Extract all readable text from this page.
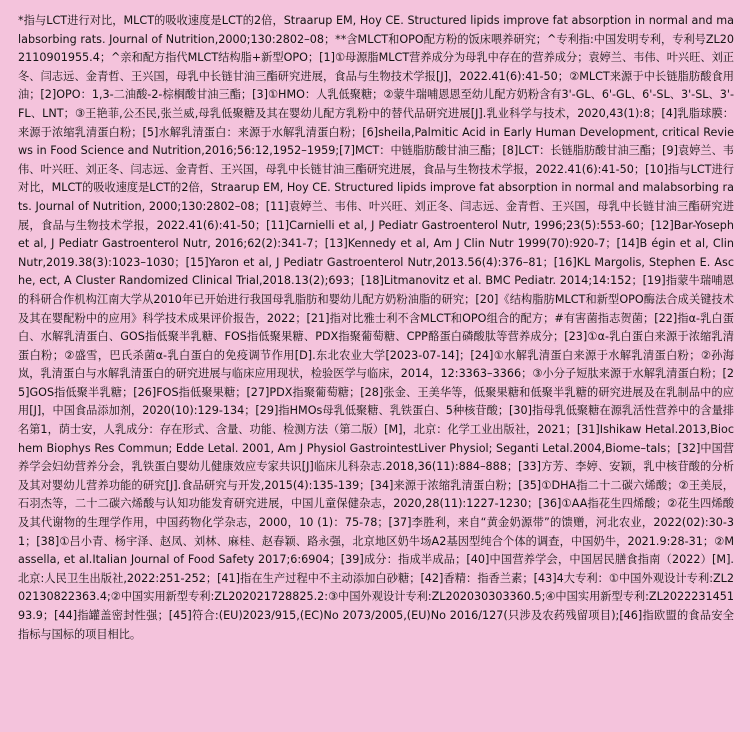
*指与LCT进行对比，MLCT的吸收速度是LCT的2倍，Straarup EM, Hoy CE. Structured lipids improve fat absorption in normal and malabsorbing rats. Journal of Nutrition,2000;130:2802–08；**含MLCT和OPO配方粉的饭床喂养研究；^专利指:中国发明专利，专利号ZL202110901955.4；^亲和配方指代MLCT结构脂+新型OPO；[1]①母源脂MLCT营养成分为母乳中存在的营养成分；袁婷兰、韦伟、叶兴旺、刘正冬、闫志远、金青哲、王兴国，母乳中长链甘油三酯研究进展，食品与生物技术学报[J]，2022.41(6):41-50；②MLCT来源于中长链脂肪酸食用油；[2]OPO：1,3-二油酸-2-棕榈酸甘油三酯；[3]①HMO：人乳低聚糖；②蒙牛瑞哺恩恩至幼儿配方奶粉含有3'-GL、6'-GL、6'-SL、3'-SL、3'-FL、LNT；③王艳菲,公丕民,张兰威,母乳低聚糖及其在婴幼儿配方乳粉中的替代品研究进展[J].乳业科学与技术，2020,43(1):8；[4]乳脂球膜：来源于浓缩乳清蛋白粉；[5]水解乳清蛋白：来源于水解乳清蛋白粉；[6]sheila,Palmitic Acid in Early Human Development, critical Reviews in Food Science and Nutrition,2016;56:12,1952–1959;[7]MCT：中链脂肪酸甘油三酯；[8]LCT：长链脂肪酸甘油三酯；[9]袁婷兰、韦伟、叶兴旺、刘正冬、闫志远、金青哲、王兴国，母乳中长链甘油三酯研究进展，食品与生物技术学报，2022.41(6):41-50；[10]指与LCT进行对比，MLCT的吸收速度是LCT的2倍，Straarup EM, Hoy CE. Structured lipids improve fat absorption in normal and malabsorbing rats. Journal of Nutrition, 2000;130:2802–08；[11]袁婷兰、韦伟、叶兴旺、刘正冬、闫志远、金青哲、王兴国，母乳中长链甘油三酯研究进展，食品与生物技术学报，2022.41(6):41-50；[11]Carnielli et al, J Pediatr Gastroenterol Nutr, 1996;23(5):553-60；[12]Bar-Yoseph et al, J Pediatr Gastroenterol Nutr, 2016;62(2):341-7；[13]Kennedy et al, Am J Clin Nutr 1999(70):920-7；[14]B égin et al, Clin Nutr,2019.38(3):1023–1030；[15]Yaron et al, J Pediatr Gastroenterol Nutr,2013.56(4):376–81；[16]KL Margolis, Stephen E. Asche, ect, A Cluster Randomized Clinical Trial,2018.13(2);693；[18]Litmanovitz et al. BMC Pediatr. 2014;14:152；[19]指蒙牛瑞哺恩的科研合作机构江南大学从2010年已开始进行我国母乳脂肪和婴幼儿配方奶粉油脂的研究；[20]《结构脂肪MLCT和新型OPO酶法合成关键技术及其在婴配粉中的应用》科学技术成果评价报告，2022；[21]指对比雅士利不含MLCT和OPO组合的配方；#有害菌指志贺菌；[22]指α-乳白蛋白、水解乳清蛋白、GOS指低聚半乳糖、FOS指低聚果糖、PDX指聚葡萄糖、CPP酪蛋白磷酸肽等营养成分；[23]①α-乳白蛋白来源于浓缩乳清蛋白粉；②盛雪，巴氏杀菌α-乳白蛋白的免疫调节作用[D].东北农业大学[2023-07-14]；[24]①水解乳清蛋白来源于水解乳清蛋白粉；②孙海岚，乳清蛋白与水解乳清蛋白的研究进展与临床应用现状，检验医学与临床，2014，12:3363–3366；③小分子短肽来源于水解乳清蛋白粉；[25]GOS指低聚半乳糖；[26]FOS指低聚果糖；[27]PDX指聚葡萄糖；[28]张金、王美华等，低聚果糖和低聚半乳糖的研究进展及在乳制品中的应用[J]，中国食品添加剂，2020(10):129-134；[29]指HMOs母乳低聚糖、乳铁蛋白、5种核苷酸；[30]指母乳低聚糖在源乳活性营养中的含量排名第1，荫士安，人乳成分：存在形式、含量、功能、检测方法（第二版）[M]，北京：化学工业出版社，2021；[31]Ishikaw Hetal.2013,Biochem Biophys Res Commun; Edde Letal. 2001, Am J Physiol GastrointestLiver Physiol; Seganti Letal.2004,Biome–tals；[32]中国营养学会妇幼营养分会，乳铁蛋白婴幼儿健康效应专家共识[J]临床儿科杂志.2018,36(11):884–888；[33]方芳、李婷、安颖，乳中核苷酸的分析及其对婴幼儿营养功能的研究[J].食品研究与开发,2015(4):135-139；[34]来源于浓缩乳清蛋白粉；[35]①DHA指二十二碳六烯酸；②王美辰，石羽杰等，二十二碳六烯酸与认知功能发育研究进展，中国儿童保健杂志，2020,28(11):1227-1230；[36]①AA指花生四烯酸；②花生四烯酸及其代谢物的生理学作用，中国药物化学杂志，2000，10 (1)：75-78；[37]李胜利，来自“黄金奶源带”的馈赠，河北农业，2022(02):30-31；[38]①吕小青、杨宇泽、赵凤、刘林、麻桂、赵春颖、路永强，北京地区奶牛场A2基因型纯合个体的调查，中国奶牛，2021.9:28-31；②Massella, et al.Italian Journal of Food Safety 2017;6:6904；[39]成分：指成半成品；[40]中国营养学会，中国居民膳食指南（2022）[M].北京:人民卫生出版社,2022:251-252；[41]指在生产过程中不主动添加白砂糖；[42]香精：指香兰素；[43]4大专利：①中国外观设计专利:ZL202130822363.4;②中国实用新型专利:ZL202021728825.2:③中国外观设计专利:ZL202030303360.5;④中国实用新型专利:ZL202223145193.9；[44]指罐盖密封性强；[45]符合:(EU)2023/915,(EC)No 2073/2005,(EU)No 2016/127(只涉及农药残留项目);[46]指欧盟的食品安全指标与国标的项目相比。
